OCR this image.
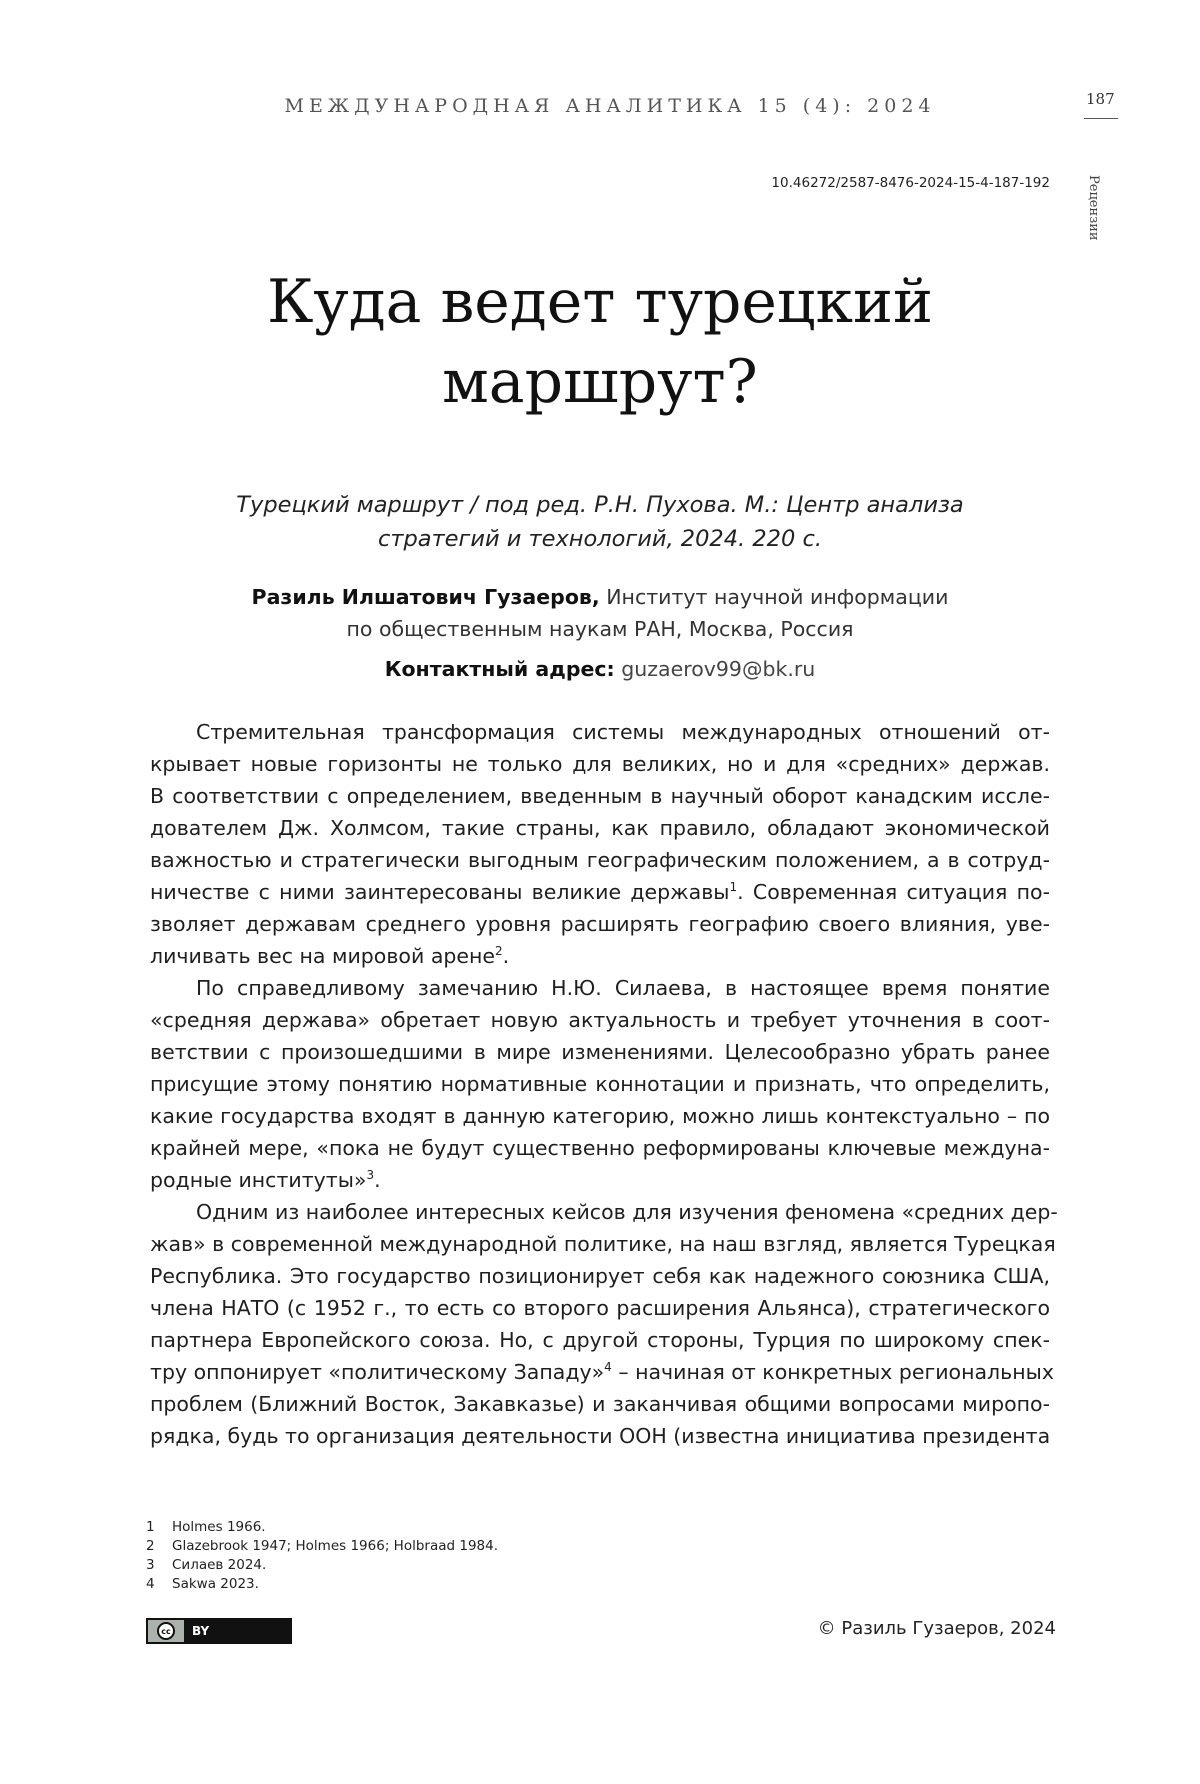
МЕЖДУНАРОДНАЯ АНАЛИТИКА 15 (4): 2024	187
Рецензии
10.46272/2587-8476-2024-15-4-187-192
Куда ведет турецкий
маршрут?
Турецкий маршрут / под ред. Р.Н. Пухова. М.: Центр анализа
стратегий и технологий, 2024. 220 с.
Разиль Илшатович Гузаеров, Институт научной информации
по общественным наукам РАН, Москва, Россия
Контактный адрес: guzaerov99@bk.ru
Стремительная трансформация системы международных отношений от-
крывает новые горизонты не только для великих, но и для «средних» держав.
В соответствии с определением, введенным в научный оборот канадским иссле-
дователем Дж. Холмсом, такие страны, как правило, обладают экономической
важностью и стратегически выгодным географическим положением, а в сотруд-
ничестве с ними заинтересованы великие державы$^1$. Современная ситуация по-
зволяет державам среднего уровня расширять географию своего влияния, уве-
личивать вес на мировой арене$^2$.
По справедливому замечанию Н.Ю. Силаева, в настоящее время понятие
«средняя держава» обретает новую актуальность и требует уточнения в соот-
ветствии с произошедшими в мире изменениями. Целесообразно убрать ранее
присущие этому понятию нормативные коннотации и признать, что определить,
какие государства входят в данную категорию, можно лишь контекстуально – по
крайней мере, «пока не будут существенно реформированы ключевые междуна-
родные институты»$^3$.
Одним из наиболее интересных кейсов для изучения феномена «средних дер-
жав» в современной международной политике, на наш взгляд, является Турецкая
Республика. Это государство позиционирует себя как надежного союзника США,
члена НАТО (с 1952 г., то есть со второго расширения Альянса), стратегического
партнера Европейского союза. Но, с другой стороны, Турция по широкому спек-
тру оппонирует «политическому Западу»$^4$ – начиная от конкретных региональных
проблем (Ближний Восток, Закавказье) и заканчивая общими вопросами миропо-
рядка, будь то организация деятельности ООН (известна инициатива президента
1	Holmes 1966.
2	Glazebrook 1947; Holmes 1966; Holbraad 1984.
3	Силаев 2024.
4	Sakwa 2023.
cc	BY	© Разиль Гузаеров, 2024
